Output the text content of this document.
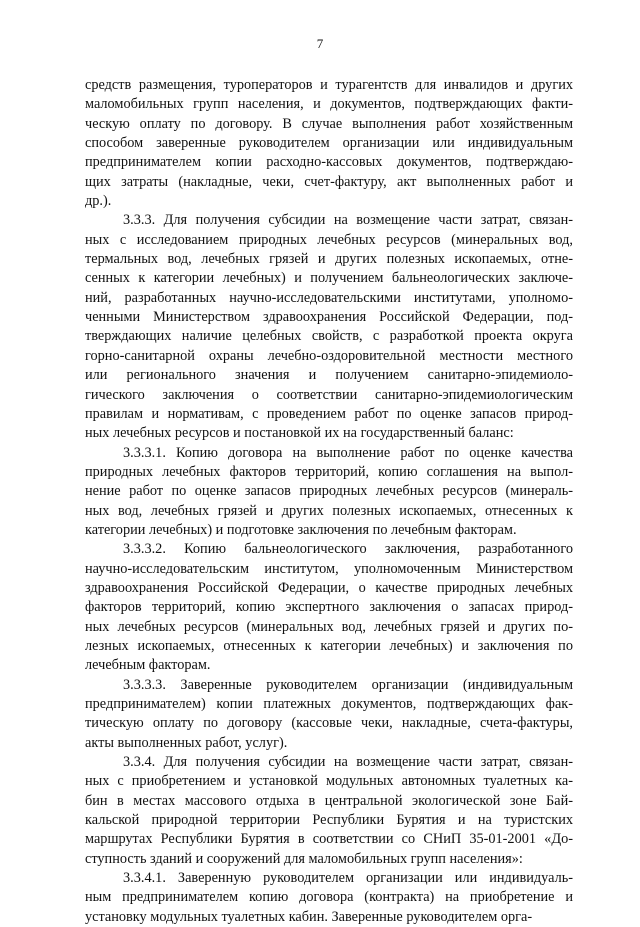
7
средств размещения, туроператоров и турагентств для инвалидов и других
маломобильных групп населения, и документов, подтверждающих факти-
ческую оплату по договору. В случае выполнения работ хозяйственным
способом заверенные руководителем организации или индивидуальным
предпринимателем копии расходно-кассовых документов, подтверждаю-
щих затраты (накладные, чеки, счет-фактуру, акт выполненных работ и
др.).
3.3.3. Для получения субсидии на возмещение части затрат, связан-
ных с исследованием природных лечебных ресурсов (минеральных вод,
термальных вод, лечебных грязей и других полезных ископаемых, отне-
сенных к категории лечебных) и получением бальнеологических заключе-
ний, разработанных научно-исследовательскими институтами, уполномо-
ченными Министерством здравоохранения Российской Федерации, под-
тверждающих наличие целебных свойств, с разработкой проекта округа
горно-санитарной охраны лечебно-оздоровительной местности местного
или регионального значения и получением санитарно-эпидемиоло-
гического заключения о соответствии санитарно-эпидемиологическим
правилам и нормативам, с проведением работ по оценке запасов природ-
ных лечебных ресурсов и постановкой их на государственный баланс:
3.3.3.1. Копию договора на выполнение работ по оценке качества
природных лечебных факторов территорий, копию соглашения на выпол-
нение работ по оценке запасов природных лечебных ресурсов (минераль-
ных вод, лечебных грязей и других полезных ископаемых, отнесенных к
категории лечебных) и подготовке заключения по лечебным факторам.
3.3.3.2. Копию бальнеологического заключения, разработанного
научно-исследовательским институтом, уполномоченным Министерством
здравоохранения Российской Федерации, о качестве природных лечебных
факторов территорий, копию экспертного заключения о запасах природ-
ных лечебных ресурсов (минеральных вод, лечебных грязей и других по-
лезных ископаемых, отнесенных к категории лечебных) и заключения по
лечебным факторам.
3.3.3.3. Заверенные руководителем организации (индивидуальным
предпринимателем) копии платежных документов, подтверждающих фак-
тическую оплату по договору (кассовые чеки, накладные, счета-фактуры,
акты выполненных работ, услуг).
3.3.4. Для получения субсидии на возмещение части затрат, связан-
ных с приобретением и установкой модульных автономных туалетных ка-
бин в местах массового отдыха в центральной экологической зоне Бай-
кальской природной территории Республики Бурятия и на туристских
маршрутах Республики Бурятия в соответствии со СНиП 35-01-2001 «До-
ступность зданий и сооружений для маломобильных групп населения»:
3.3.4.1. Заверенную руководителем организации или индивидуаль-
ным предпринимателем копию договора (контракта) на приобретение и
установку модульных туалетных кабин. Заверенные руководителем орга-
